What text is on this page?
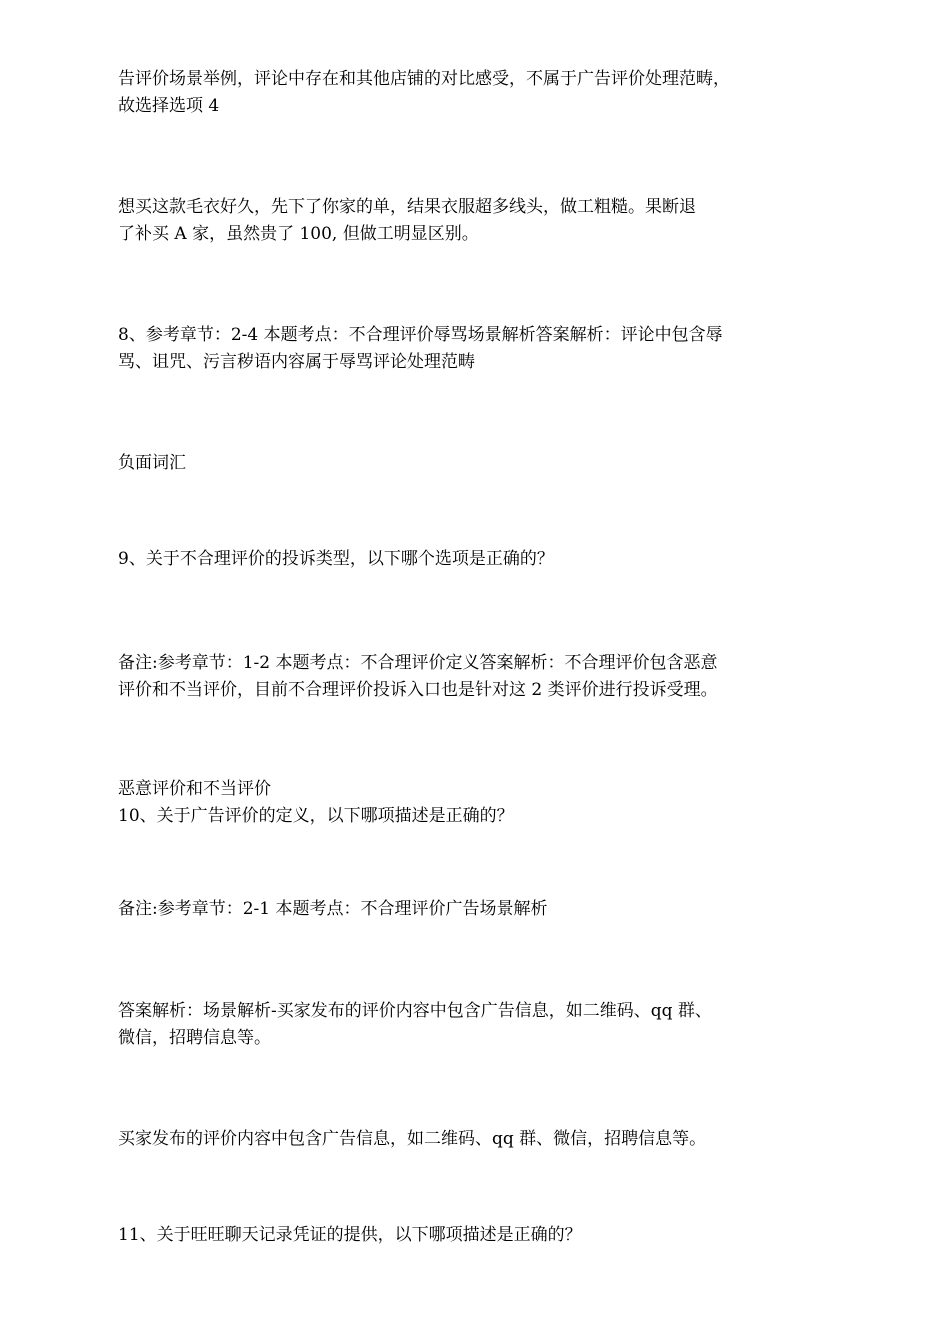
告评价场景举例，评论中存在和其他店铺的对比感受，不属于广告评价处理范畴，
故选择选项 4

想买这款毛衣好久，先下了你家的单，结果衣服超多线头，做工粗糙。果断退
了补买 A 家，虽然贵了 100, 但做工明显区别。

8、参考章节：2-4 本题考点：不合理评价辱骂场景解析答案解析：评论中包含辱
骂、诅咒、污言秽语内容属于辱骂评论处理范畴

负面词汇

9、关于不合理评价的投诉类型，以下哪个选项是正确的？

备注:参考章节：1-2 本题考点：不合理评价定义答案解析：不合理评价包含恶意
评价和不当评价，目前不合理评价投诉入口也是针对这 2 类评价进行投诉受理。

恶意评价和不当评价
10、关于广告评价的定义，以下哪项描述是正确的？

备注:参考章节：2-1 本题考点：不合理评价广告场景解析

答案解析：场景解析-买家发布的评价内容中包含广告信息，如二维码、qq 群、
微信，招聘信息等。

买家发布的评价内容中包含广告信息，如二维码、qq 群、微信，招聘信息等。

11、关于旺旺聊天记录凭证的提供，以下哪项描述是正确的？
